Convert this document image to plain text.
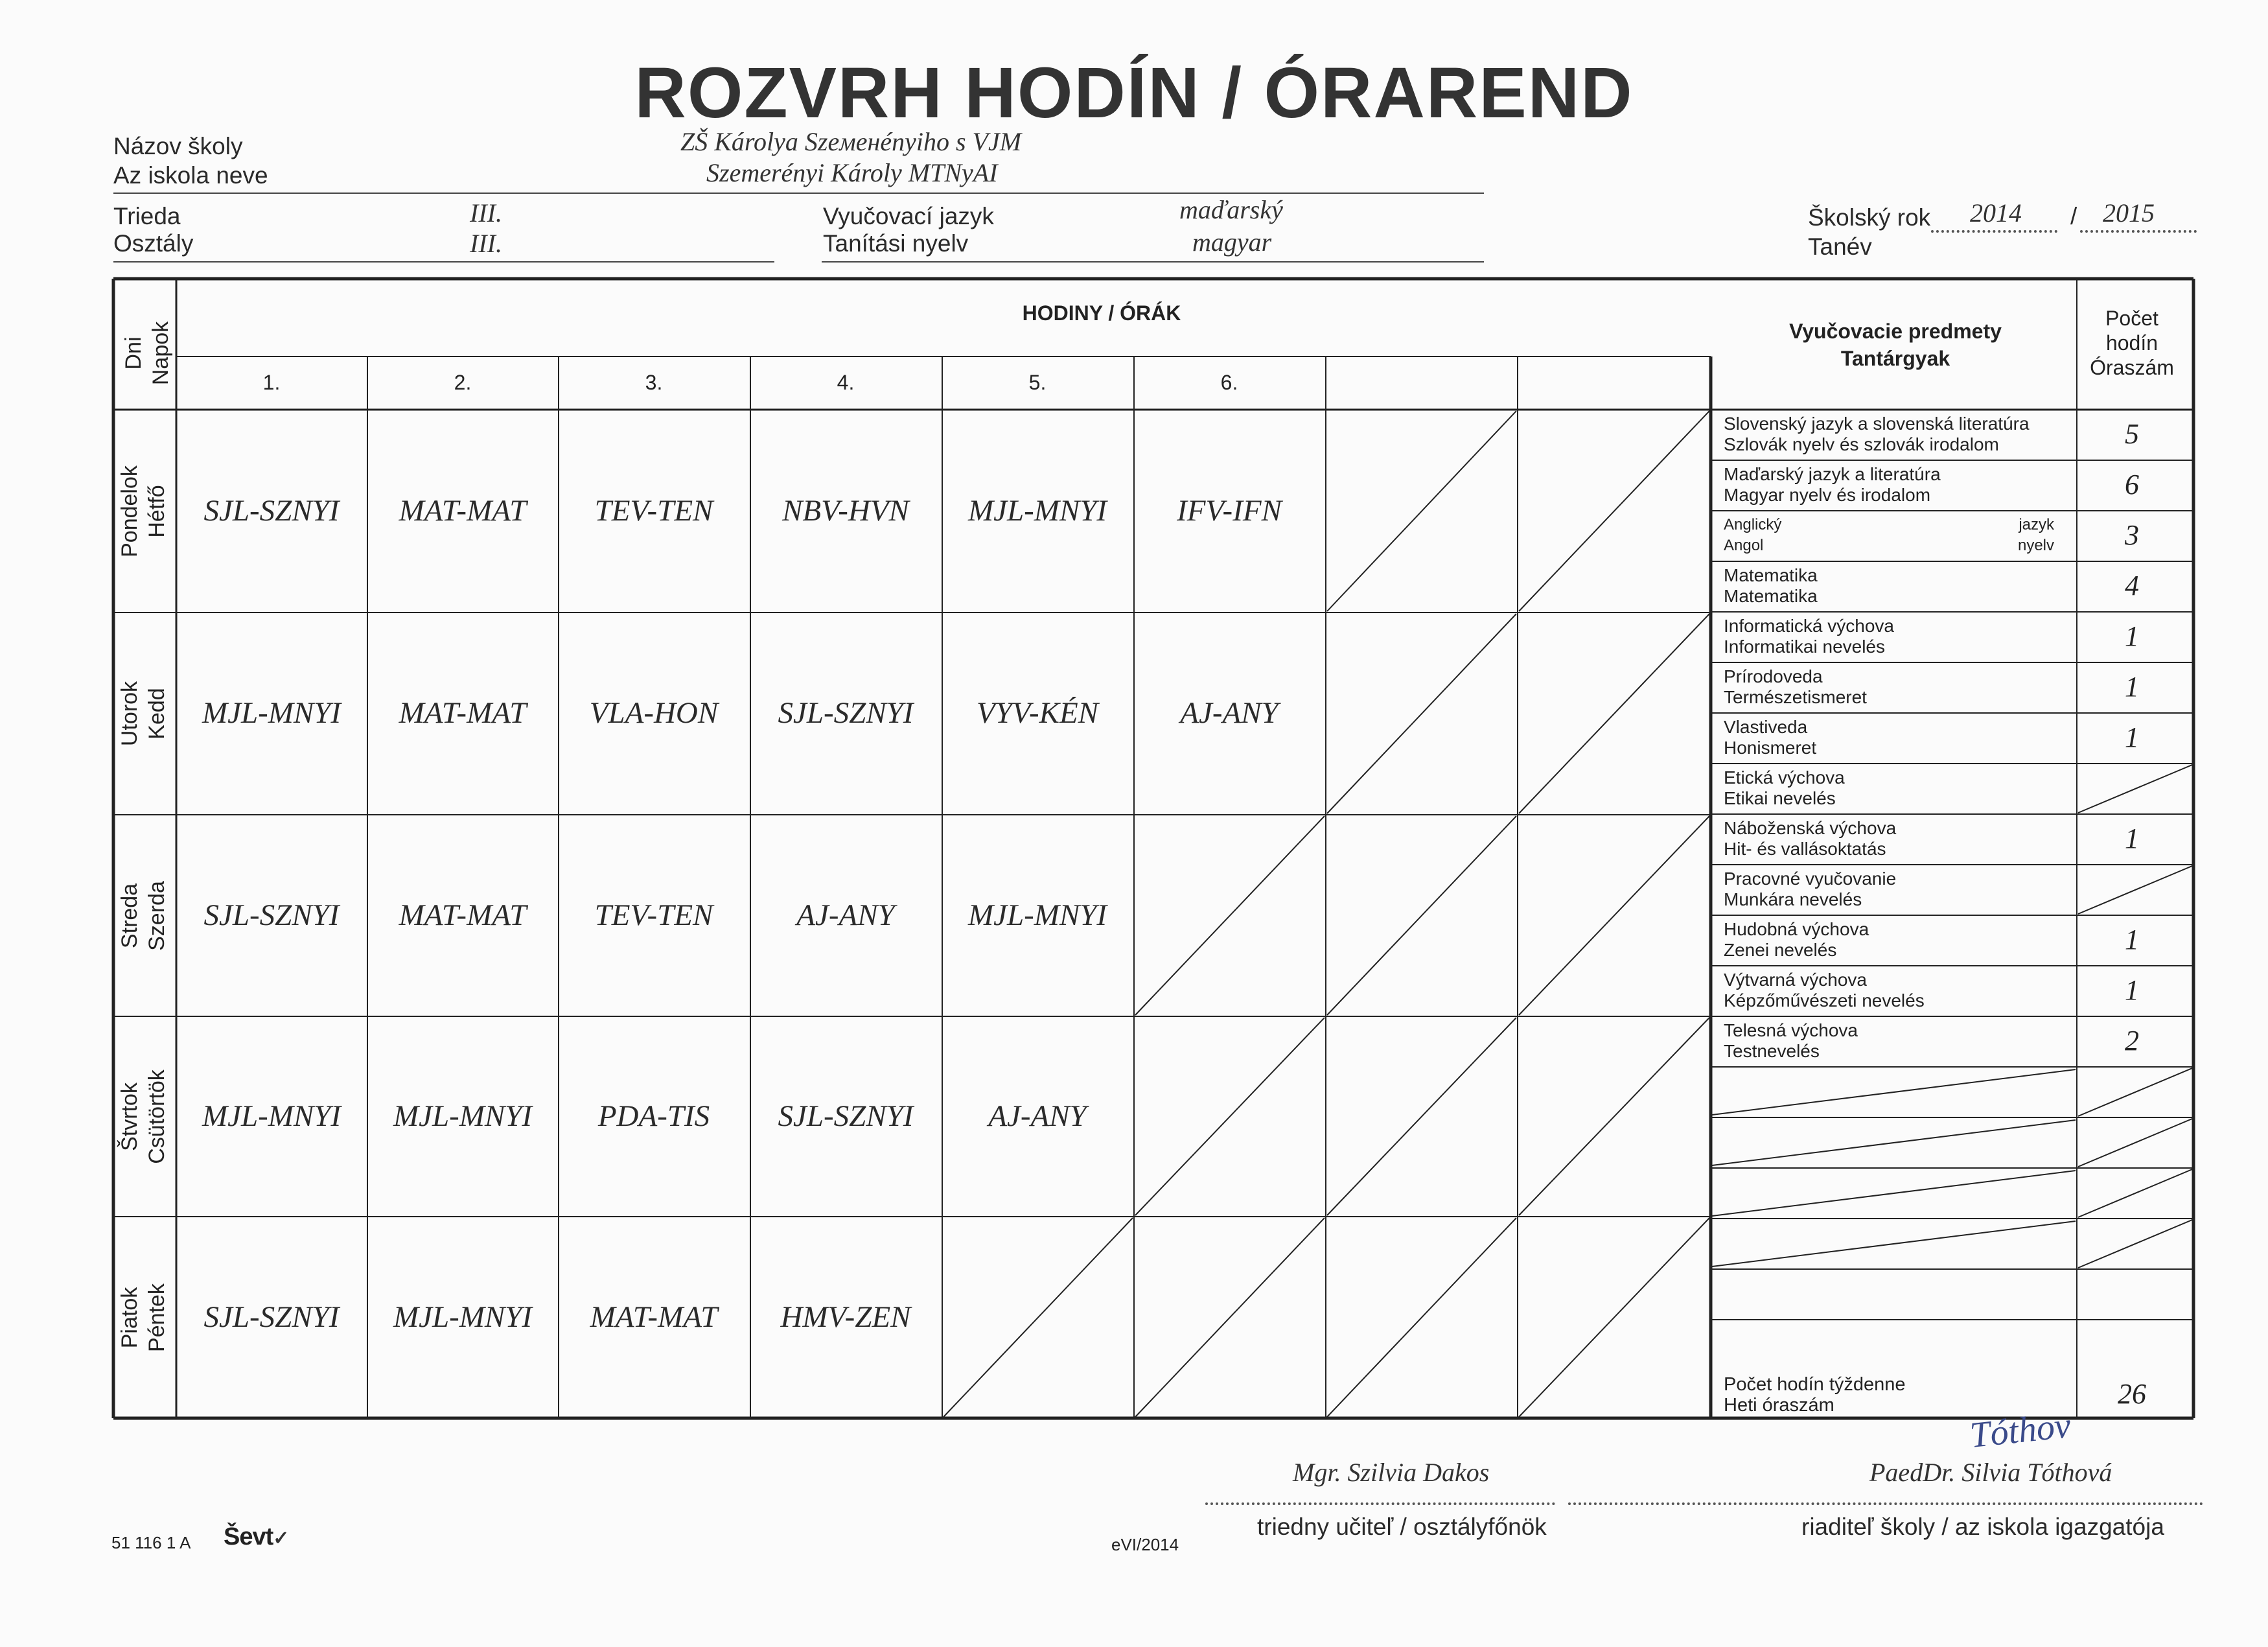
ROZVRH HODÍN / ÓRAREND
Názov školy
Az iskola neve
ZŠ Károlya Szeменényiho s VJM
Szemerényi Károly MTNyAI
Trieda
Osztály
III.
III.
Vyučovací jazyk
Tanítási nyelv
maďarský
magyar
Školský rok
Tanév
2014 / 2015
Dni Napok
HODINY / ÓRÁK
1.	2.	3.	4.	5.	6.
Pondelok Hétfő	SJL-SZNYI	MAT-MAT	TEV-TEN	NBV-HVN	MJL-MNYI	IFV-IFN
Utorok Kedd	MJL-MNYI	MAT-MAT	VLA-HON	SJL-SZNYI	VYV-KÉN	AJ-ANY
Streda Szerda	SJL-SZNYI	MAT-MAT	TEV-TEN	AJ-ANY	MJL-MNYI
Štvrtok Csütörtök	MJL-MNYI	MJL-MNYI	PDA-TIS	SJL-SZNYI	AJ-ANY
Piatok Péntek	SJL-SZNYI	MJL-MNYI	MAT-MAT	HMV-ZEN
Vyučovacie predmety
Tantárgyak
Počet
hodín
Óraszám
Slovenský jazyk a slovenská literatúra
Szlovák nyelv és szlovák irodalom	5
Maďarský jazyk a literatúra
Magyar nyelv és irodalom	6
Anglický	jazyk
Angol	nyelv	3
Matematika
Matematika	4
Informatická výchova
Informatikai nevelés	1
Prírodoveda
Természetismeret	1
Vlastiveda
Honismeret	1
Etická výchova
Etikai nevelés
Náboženská výchova
Hit- és vallásoktatás	1
Pracovné vyučovanie
Munkára nevelés
Hudobná výchova
Zenei nevelés	1
Výtvarná výchova
Képzőművészeti nevelés	1
Telesná výchova
Testnevelés	2
Počet hodín týždenne
Heti óraszám	26
Mgr. Szilvia Dakos
triedny učiteľ / osztályfőnök
Tóthov
PaedDr. Silvia Tóthová
riaditeľ školy / az iskola igazgatója
51 116 1 A Ševt✓	eVI/2014
